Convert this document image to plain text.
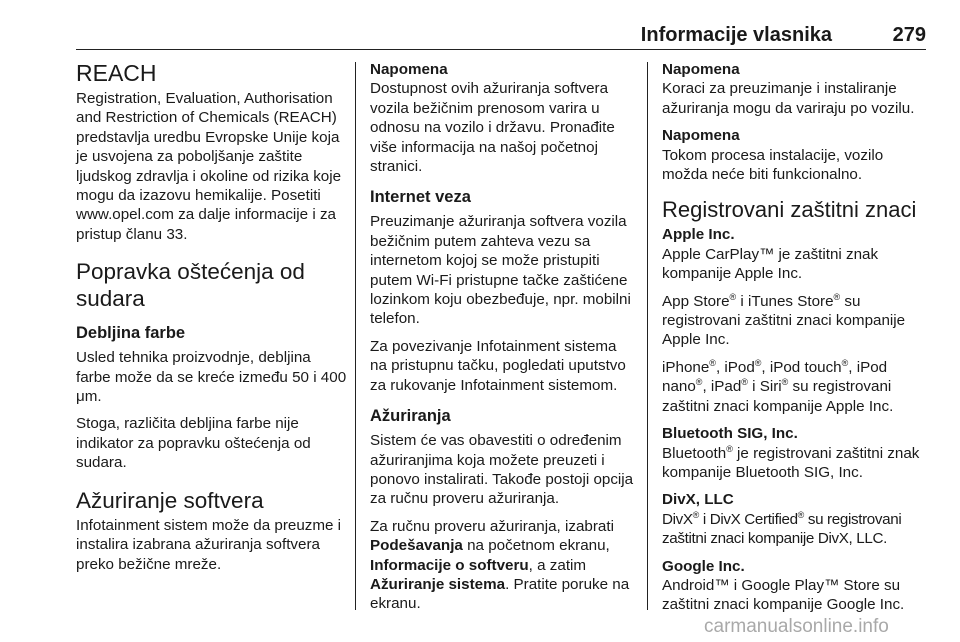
Informacije vlasnika	279
REACH

Registration, Evaluation, Authorisation and Restriction of Chemicals (REACH) predstavlja uredbu Evropske Unije koja je usvojena za poboljšanje zaštite ljudskog zdravlja i okoline od rizika koje mogu da izazovu hemikalije. Posetiti www.opel.com za dalje informacije i za pristup članu 33.

Popravka oštećenja od sudara
Debljina farbe

Usled tehnika proizvodnje, debljina farbe može da se kreće između 50 i 400 μm.

Stoga, različita debljina farbe nije indikator za popravku oštećenja od sudara.

Ažuriranje softvera

Infotainment sistem može da preuzme i instalira izabrana ažuriranja softvera preko bežične mreže.

Napomena

Dostupnost ovih ažuriranja softvera vozila bežičnim prenosom varira u odnosu na vozilo i državu. Pronađite više informacija na našoj početnoj stranici.

Internet veza

Preuzimanje ažuriranja softvera vozila bežičnim putem zahteva vezu sa internetom kojoj se može pristupiti putem Wi-Fi pristupne tačke zaštićene lozinkom koju obezbeđuje, npr. mobilni telefon.

Za povezivanje Infotainment sistema na pristupnu tačku, pogledati uputstvo za rukovanje Infotainment sistemom.

Ažuriranja

Sistem će vas obavestiti o određenim ažuriranjima koja možete preuzeti i ponovo instalirati. Takođe postoji opcija za ručnu proveru ažuriranja.

Za ručnu proveru ažuriranja, izabrati Podešavanja na početnom ekranu, Informacije o softveru, a zatim Ažuriranje sistema. Pratite poruke na ekranu.

Napomena

Koraci za preuzimanje i instaliranje ažuriranja mogu da variraju po vozilu.

Napomena

Tokom procesa instalacije, vozilo možda neće biti funkcionalno.

Registrovani zaštitni znaci
Apple Inc.

Apple CarPlay™ je zaštitni znak kompanije Apple Inc.

App Store® i iTunes Store® su registrovani zaštitni znaci kompanije Apple Inc.

iPhone®, iPod®, iPod touch®, iPod nano®, iPad® i Siri® su registrovani zaštitni znaci kompanije Apple Inc.

Bluetooth SIG, Inc.

Bluetooth® je registrovani zaštitni znak kompanije Bluetooth SIG, Inc.

DivX, LLC

DivX® i DivX Certified® su registrovani zaštitni znaci kompanije DivX, LLC.

Google Inc.

Android™ i Google Play™ Store su zaštitni znaci kompanije Google Inc.

carmanualsonline.info
